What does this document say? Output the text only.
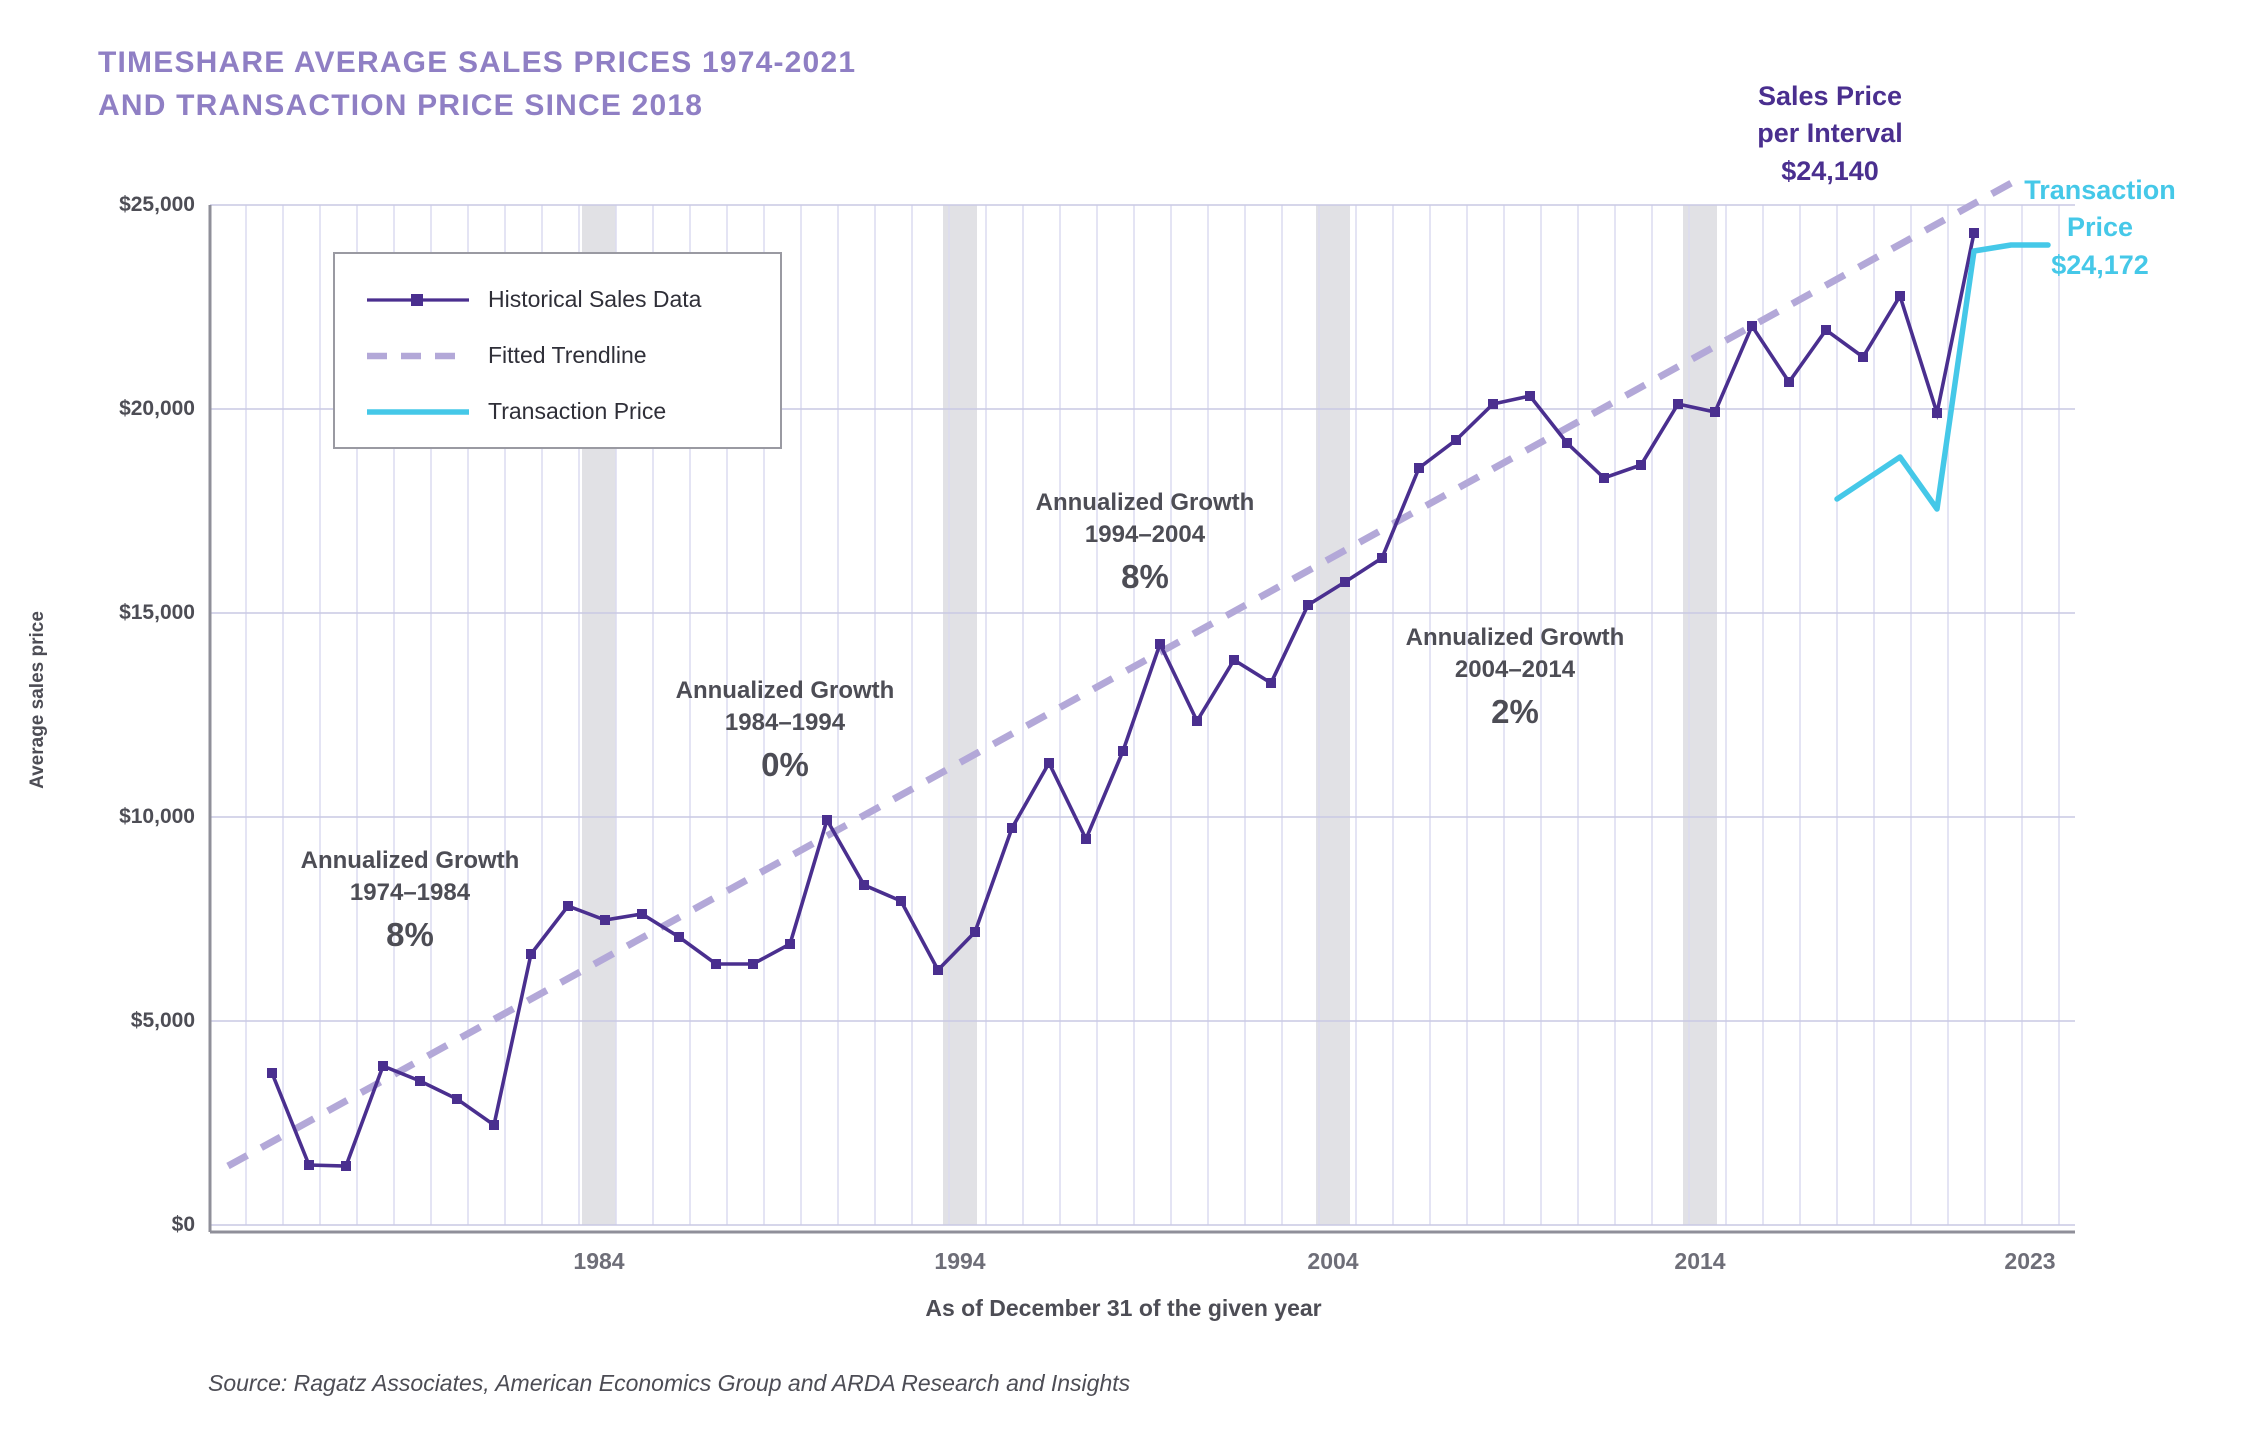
TIMESHARE AVERAGE SALES PRICES 1974-2021
AND TRANSACTION PRICE SINCE 2018
$0
$5,000
$10,000
$15,000
$20,000
$25,000
1984	1994	2004	2014	2023
Average sales price
As of December 31 of the given year
Historical Sales Data
Fitted Trendline
Transaction Price
Annualized Growth
1974–1984
8%
Annualized Growth
1984–1994
0%
Annualized Growth
1994–2004
8%
Annualized Growth
2004–2014
2%
Sales Price
per Interval
$24,140
Transaction
Price
$24,172
Source: Ragatz Associates, American Economics Group and ARDA Research and Insights
